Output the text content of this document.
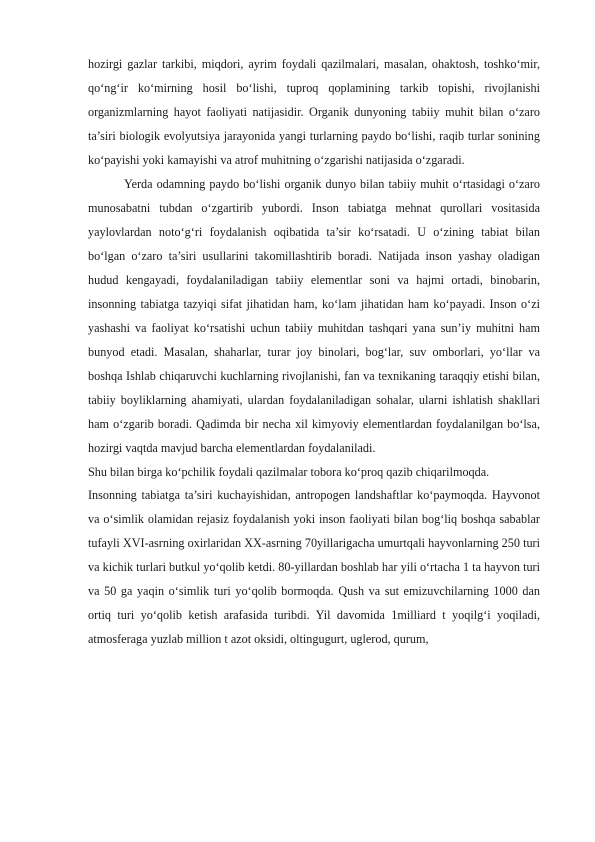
hozirgi gazlar tarkibi, miqdori, ayrim foydali qazilmalari, masalan, ohaktosh, toshko‘mir, qo‘ng‘ir ko‘mirning hosil bo‘lishi, tuproq qoplamining tarkib topishi, rivojlanishi organizmlarning hayot faoliyati natijasidir. Organik dunyoning tabiiy muhit bilan o‘zaro ta’siri biologik evolyutsiya jarayonida yangi turlarning paydo bo‘lishi, raqib turlar sonining ko‘payishi yoki kamayishi va atrof muhitning o‘zgarishi natijasida o‘zgaradi.

Yerda odamning paydo bo‘lishi organik dunyo bilan tabiiy muhit o‘rtasidagi o‘zaro munosabatni tubdan o‘zgartirib yubordi. Inson tabiatga mehnat qurollari vositasida yaylovlardan noto‘g‘ri foydalanish oqibatida ta’sir ko‘rsatadi. U o‘zining tabiat bilan bo‘lgan o‘zaro ta’siri usullarini takomillashtirib boradi. Natijada inson yashay oladigan hudud kengayadi, foydalaniladigan tabiiy elementlar soni va hajmi ortadi, binobarin, insonning tabiatga tazyiqi sifat jihatidan ham, ko‘lam jihatidan ham ko‘payadi. Inson o‘zi yashashi va faoliyat ko‘rsatishi uchun tabiiy muhitdan tashqari yana sun’iy muhitni ham bunyod etadi. Masalan, shaharlar, turar joy binolari, bog‘lar, suv omborlari, yo‘llar va boshqa Ishlab chiqaruvchi kuchlarning rivojlanishi, fan va texnikaning taraqqiy etishi bilan, tabiiy boyliklarning ahamiyati, ulardan foydalaniladigan sohalar, ularni ishlatish shakllari ham o‘zgarib boradi. Qadimda bir necha xil kimyoviy elementlardan foydalanilgan bo‘lsa, hozirgi vaqtda mavjud barcha elementlardan foydalaniladi.

Shu bilan birga ko‘pchilik foydali qazilmalar tobora ko‘proq qazib chiqarilmoqda.

Insonning tabiatga ta’siri kuchayishidan, antropogen landshaftlar ko‘paymoqda. Hayvonot va o‘simlik olamidan rejasiz foydalanish yoki inson faoliyati bilan bog‘liq boshqa sabablar tufayli XVI-asrning oxirlaridan XX-asrning 70yillarigacha umurtqali hayvonlarning 250 turi va kichik turlari butkul yo‘qolib ketdi. 80-yillardan boshlab har yili o‘rtacha 1 ta hayvon turi va 50 ga yaqin o‘simlik turi yo‘qolib bormoqda. Qush va sut emizuvchilarning 1000 dan ortiq turi yo‘qolib ketish arafasida turibdi. Yil davomida 1milliard t yoqilg‘i yoqiladi, atmosferaga yuzlab million t azot oksidi, oltingugurt, uglerod, qurum,
